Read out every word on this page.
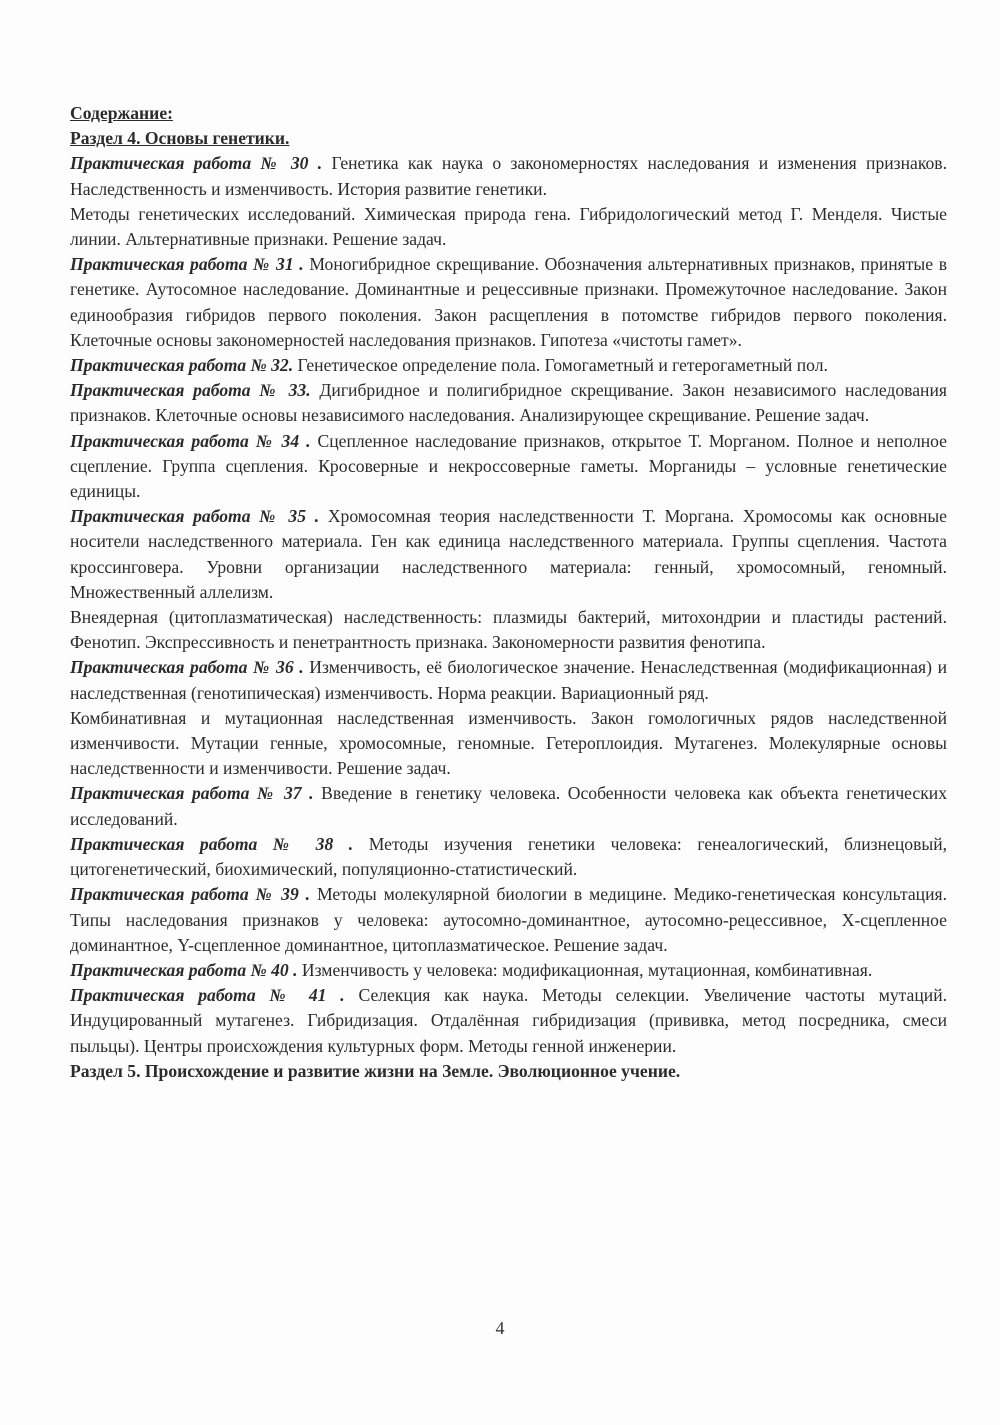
Содержание:

Раздел 4. Основы генетики.

Практическая работа № 30 . Генетика как наука о закономерностях наследования и изменения признаков. Наследственность и изменчивость. История развитие генетики.

Методы генетических исследований. Химическая природа гена. Гибридологический метод Г. Менделя. Чистые линии. Альтернативные признаки. Решение задач.

Практическая работа № 31 . Моногибридное скрещивание. Обозначения альтернативных признаков, принятые в генетике. Аутосомное наследование. Доминантные и рецессивные признаки. Промежуточное наследование. Закон единообразия гибридов первого поколения. Закон расщепления в потомстве гибридов первого поколения. Клеточные основы закономерностей наследования признаков. Гипотеза «чистоты гамет».

Практическая работа № 32. Генетическое определение пола. Гомогаметный и гетерогаметный пол.

Практическая работа № 33. Дигибридное и полигибридное скрещивание. Закон независимого наследования признаков. Клеточные основы независимого наследования. Анализирующее скрещивание. Решение задач.

Практическая работа № 34 . Сцепленное наследование признаков, открытое Т. Морганом. Полное и неполное сцепление. Группа сцепления. Кросоверные и некроссоверные гаметы. Морганиды – условные генетические единицы.

Практическая работа № 35 . Хромосомная теория наследственности Т. Моргана. Хромосомы как основные носители наследственного материала. Ген как единица наследственного материала. Группы сцепления. Частота кроссинговера. Уровни организации наследственного материала: генный, хромосомный, геномный. Множественный аллелизм.

Внеядерная (цитоплазматическая) наследственность: плазмиды бактерий, митохондрии и пластиды растений. Фенотип. Экспрессивность и пенетрантность признака. Закономерности развития фенотипа.

Практическая работа № 36 . Изменчивость, её биологическое значение. Ненаследственная (модификационная) и наследственная (генотипическая) изменчивость. Норма реакции. Вариационный ряд.

Комбинативная и мутационная наследственная изменчивость. Закон гомологичных рядов наследственной изменчивости. Мутации генные, хромосомные, геномные. Гетероплоидия. Мутагенез. Молекулярные основы наследственности и изменчивости. Решение задач.

Практическая работа № 37 . Введение в генетику человека. Особенности человека как объекта генетических исследований.

Практическая работа № 38 . Методы изучения генетики человека: генеалогический, близнецовый, цитогенетический, биохимический, популяционно-статистический.

Практическая работа № 39 . Методы молекулярной биологии в медицине. Медико-генетическая консультация. Типы наследования признаков у человека: аутосомно-доминантное, аутосомно-рецессивное, X-сцепленное доминантное, Y-сцепленное доминантное, цитоплазматическое. Решение задач.

Практическая работа № 40 . Изменчивость у человека: модификационная, мутационная, комбинативная.

Практическая работа № 41 . Селекция как наука. Методы селекции. Увеличение частоты мутаций. Индуцированный мутагенез. Гибридизация. Отдалённая гибридизация (прививка, метод посредника, смеси пыльцы). Центры происхождения культурных форм. Методы генной инженерии.

Раздел 5. Происхождение и развитие жизни на Земле. Эволюционное учение.

4
